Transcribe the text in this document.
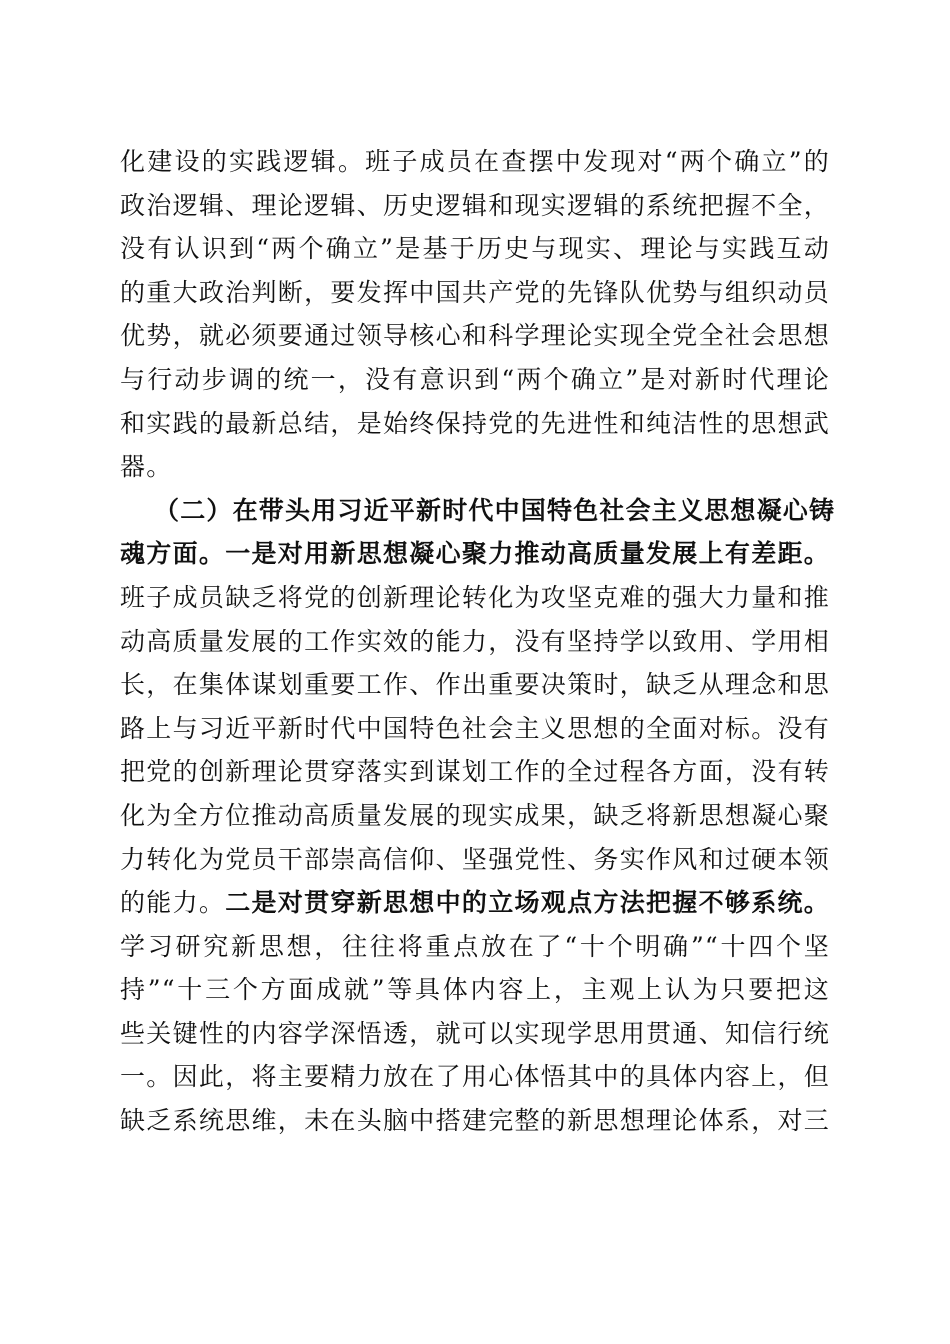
化建设的实践逻辑。班子成员在查摆中发现对“两个确立”的
政治逻辑、理论逻辑、历史逻辑和现实逻辑的系统把握不全，
没有认识到“两个确立”是基于历史与现实、理论与实践互动
的重大政治判断，要发挥中国共产党的先锋队优势与组织动员
优势，就必须要通过领导核心和科学理论实现全党全社会思想
与行动步调的统一，没有意识到“两个确立”是对新时代理论
和实践的最新总结，是始终保持党的先进性和纯洁性的思想武
器。
（二）在带头用习近平新时代中国特色社会主义思想凝心铸
魂方面。一是对用新思想凝心聚力推动高质量发展上有差距。
班子成员缺乏将党的创新理论转化为攻坚克难的强大力量和推
动高质量发展的工作实效的能力，没有坚持学以致用、学用相
长，在集体谋划重要工作、作出重要决策时，缺乏从理念和思
路上与习近平新时代中国特色社会主义思想的全面对标。没有
把党的创新理论贯穿落实到谋划工作的全过程各方面，没有转
化为全方位推动高质量发展的现实成果，缺乏将新思想凝心聚
力转化为党员干部崇高信仰、坚强党性、务实作风和过硬本领
的能力。二是对贯穿新思想中的立场观点方法把握不够系统。
学习研究新思想，往往将重点放在了“十个明确”“十四个坚
持”“十三个方面成就”等具体内容上，主观上认为只要把这
些关键性的内容学深悟透，就可以实现学思用贯通、知信行统
一。因此，将主要精力放在了用心体悟其中的具体内容上，但
缺乏系统思维，未在头脑中搭建完整的新思想理论体系，对三
